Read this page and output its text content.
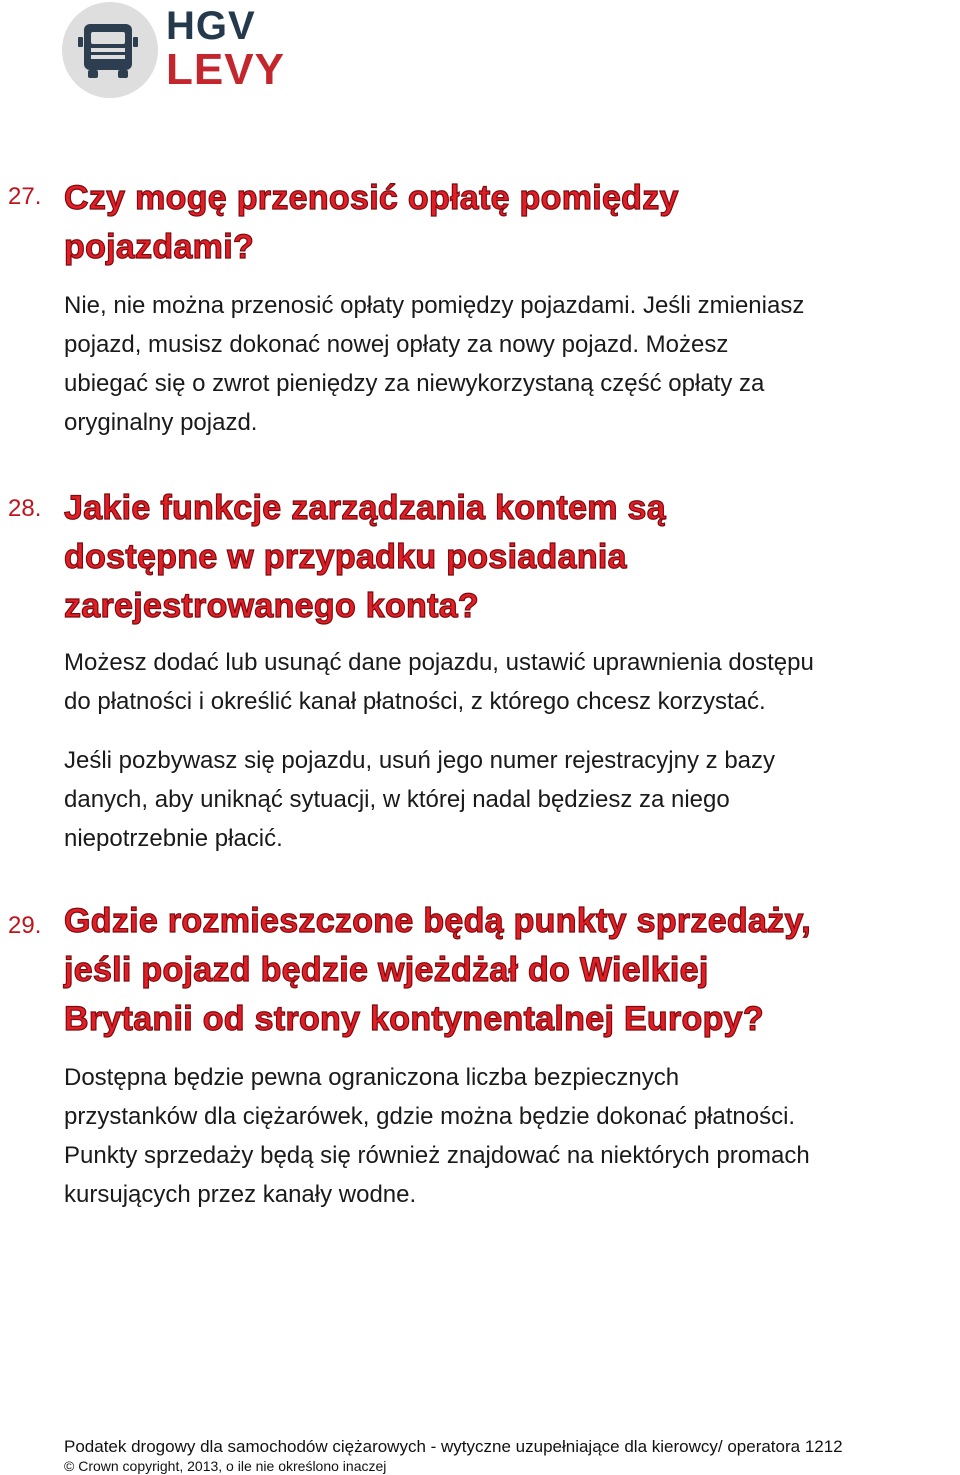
HGV
LEVY
27. Czy mogę przenosić opłatę pomiędzy
pojazdami?
Nie, nie można przenosić opłaty pomiędzy pojazdami. Jeśli zmieniasz
pojazd, musisz dokonać nowej opłaty za nowy pojazd. Możesz
ubiegać się o zwrot pieniędzy za niewykorzystaną część opłaty za
oryginalny pojazd.
28. Jakie funkcje zarządzania kontem są
dostępne w przypadku posiadania
zarejestrowanego konta?
Możesz dodać lub usunąć dane pojazdu, ustawić uprawnienia dostępu
do płatności i określić kanał płatności, z którego chcesz korzystać.
Jeśli pozbywasz się pojazdu, usuń jego numer rejestracyjny z bazy
danych, aby uniknąć sytuacji, w której nadal będziesz za niego
niepotrzebnie płacić.
29. Gdzie rozmieszczone będą punkty sprzedaży,
jeśli pojazd będzie wjeżdżał do Wielkiej
Brytanii od strony kontynentalnej Europy?
Dostępna będzie pewna ograniczona liczba bezpiecznych
przystanków dla ciężarówek, gdzie można będzie dokonać płatności.
Punkty sprzedaży będą się również znajdować na niektórych promach
kursujących przez kanały wodne.
Podatek drogowy dla samochodów ciężarowych - wytyczne uzupełniające dla kierowcy/ operatora 1212
© Crown copyright, 2013, o ile nie określono inaczej
